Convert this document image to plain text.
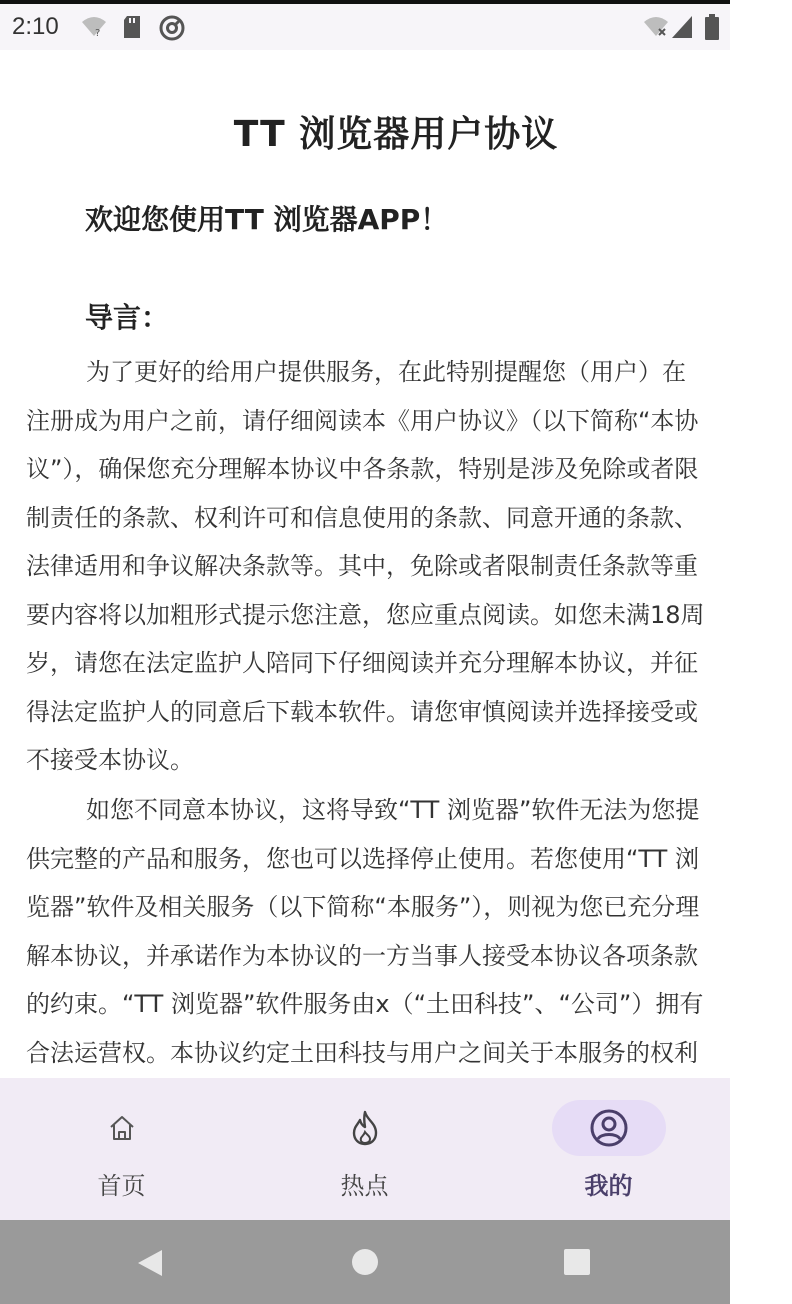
2:10	?
TT 浏览器用户协议
欢迎您使用TT 浏览器APP！
导言：

为了更好的给用户提供服务，在此特别提醒您（用户）在注册成为用户之前，请仔细阅读本《用户协议》（以下简称“本协议”），确保您充分理解本协议中各条款，特别是涉及免除或者限制责任的条款、权利许可和信息使用的条款、同意开通的条款、法律适用和争议解决条款等。其中，免除或者限制责任条款等重要内容将以加粗形式提示您注意，您应重点阅读。如您未满18周岁，请您在法定监护人陪同下仔细阅读并充分理解本协议，并征得法定监护人的同意后下载本软件。请您审慎阅读并选择接受或不接受本协议。

如您不同意本协议，这将导致“TT 浏览器”软件无法为您提供完整的产品和服务，您也可以选择停止使用。若您使用“TT 浏览器”软件及相关服务（以下简称“本服务”），则视为您已充分理解本协议，并承诺作为本协议的一方当事人接受本协议各项条款的约束。“TT 浏览器”软件服务由x（“土田科技”、“公司”）拥有合法运营权。本协议约定土田科技与用户之间关于本服务的权利

首页	热点	我的
